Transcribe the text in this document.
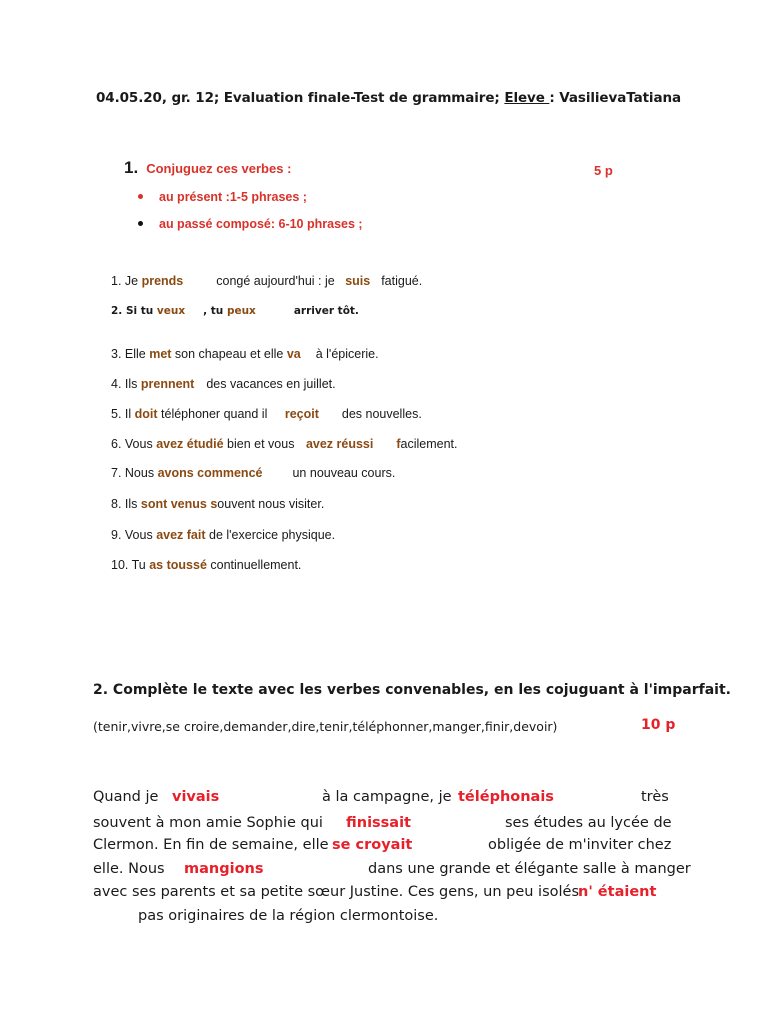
04.05.20, gr. 12; Evaluation finale-Test de grammaire; Eleve : VasilievaTatiana
1. Conjuguez ces verbes :	5 p
au présent :1-5 phrases ;
au passé composé: 6-10 phrases ;
1. Je prends	congé aujourd'hui : je suis fatigué.
2. Si tu veux , tu peux	arriver tôt.
3. Elle met son chapeau et elle va à l'épicerie.
4. Ils prennent des vacances en juillet.
5. Il doit téléphoner quand il reçoit des nouvelles.
6. Vous avez étudié bien et vous avez réussi facilement.
7. Nous avons commencé un nouveau cours.
8. Ils sont venus souvent nous visiter.
9. Vous avez fait de l'exercice physique.
10. Tu as toussé continuellement.
2. Complète le texte avec les verbes convenables, en les cojuguant à l'imparfait.
(tenir,vivre,se croire,demander,dire,tenir,téléphonner,manger,finir,devoir)	10 p
Quand je vivais	à la campagne, je téléphonais	très
souvent à mon amie Sophie qui finissait	ses études au lycée de
Clermon. En fin de semaine, elle se croyait	obligée de m'inviter chez
elle. Nous mangions	dans une grande et élégante salle à manger
avec ses parents et sa petite sœur Justine. Ces gens, un peu isolés n' étaient
pas originaires de la région clermontoise.
